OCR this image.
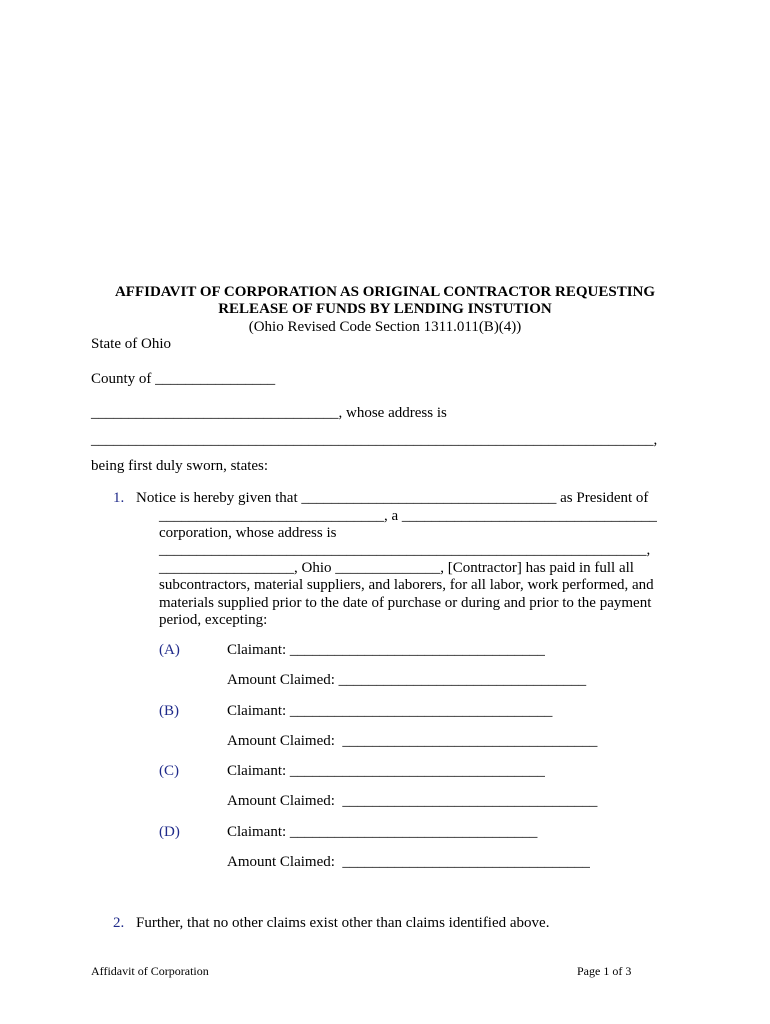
AFFIDAVIT OF CORPORATION AS ORIGINAL CONTRACTOR REQUESTING
RELEASE OF FUNDS BY LENDING INSTUTION
(Ohio Revised Code Section 1311.011(B)(4))
State of Ohio
County of ________________
_________________________________, whose address is
___________________________________________________________________________,
being first duly sworn, states:
1. Notice is hereby given that __________________________________ as President of
______________________________, a __________________________________
corporation, whose address is
_________________________________________________________________,
__________________, Ohio ______________, [Contractor] has paid in full all
subcontractors, material suppliers, and laborers, for all labor, work performed, and
materials supplied prior to the date of purchase or during and prior to the payment
period, excepting:
(A)	Claimant: __________________________________
Amount Claimed: _________________________________
(B)	Claimant: ___________________________________
Amount Claimed:  __________________________________
(C)	Claimant: __________________________________
Amount Claimed:  __________________________________
(D)	Claimant: _________________________________
Amount Claimed:  _________________________________
2. Further, that no other claims exist other than claims identified above.
Affidavit of Corporation	Page 1 of 3
